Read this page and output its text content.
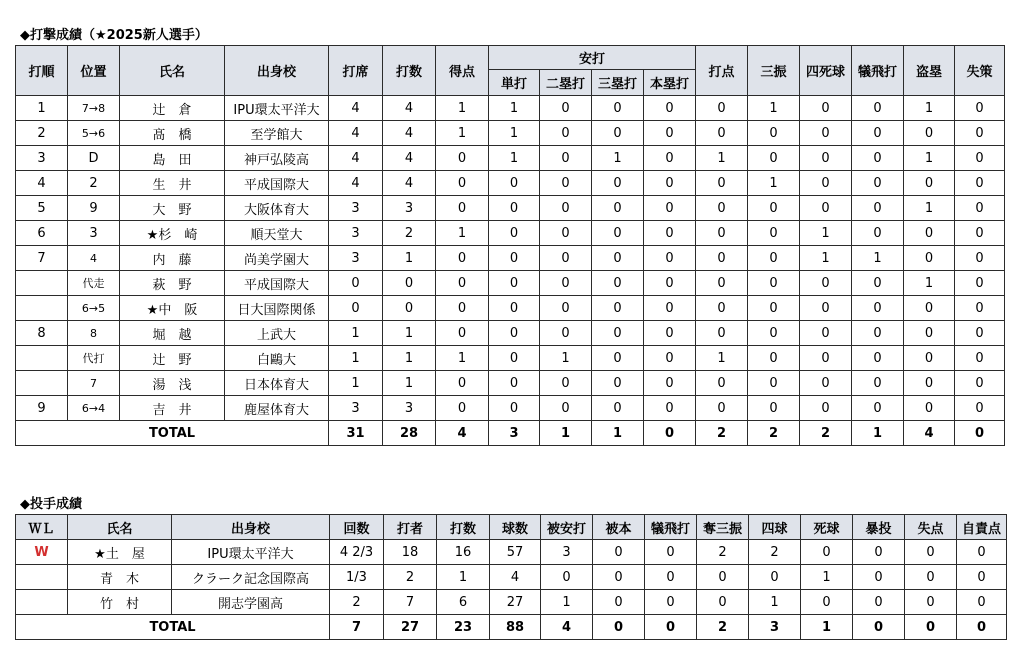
◆打撃成績（★2025新人選手）
打順	位置	氏名	出身校	打席	打数	得点	安打				打点	三振	四死球	犠飛打	盗塁	失策
							単打	二塁打	三塁打	本塁打						
1	7→8	辻　倉	IPU環太平洋大	4	4	1	1	0	0	0	0	1	0	0	1	0
2	5→6	髙　橋	至学館大	4	4	1	1	0	0	0	0	0	0	0	0	0
3	D	島　田	神戸弘陵高	4	4	0	1	0	1	0	1	0	0	0	1	0
4	2	生　井	平成国際大	4	4	0	0	0	0	0	0	1	0	0	0	0
5	9	大　野	大阪体育大	3	3	0	0	0	0	0	0	0	0	0	1	0
6	3	★杉　崎	順天堂大	3	2	1	0	0	0	0	0	0	1	0	0	0
7	4	内　藤	尚美学園大	3	1	0	0	0	0	0	0	0	1	1	0	0
	代走	萩　野	平成国際大	0	0	0	0	0	0	0	0	0	0	0	1	0
	6→5	★中　阪	日大国際関係	0	0	0	0	0	0	0	0	0	0	0	0	0
8	8	堀　越	上武大	1	1	0	0	0	0	0	0	0	0	0	0	0
	代打	辻　野	白鷗大	1	1	1	0	1	0	0	1	0	0	0	0	0
	7	湯　浅	日本体育大	1	1	0	0	0	0	0	0	0	0	0	0	0
9	6→4	吉　井	鹿屋体育大	3	3	0	0	0	0	0	0	0	0	0	0	0
TOTAL				31	28	4	3	1	1	0	2	2	2	1	4	0
◆投手成績
ＷＬ	氏名	出身校	回数	打者	打数	球数	被安打	被本	犠飛打	奪三振	四球	死球	暴投	失点	自責点
W	★土　屋	IPU環太平洋大	4 2/3	18	16	57	3	0	0	2	2	0	0	0	0
	青　木	クラーク記念国際高	1/3	2	1	4	0	0	0	0	0	1	0	0	0
	竹　村	開志学園高	2	7	6	27	1	0	0	0	1	0	0	0	0
TOTAL			7	27	23	88	4	0	0	2	3	1	0	0	0
